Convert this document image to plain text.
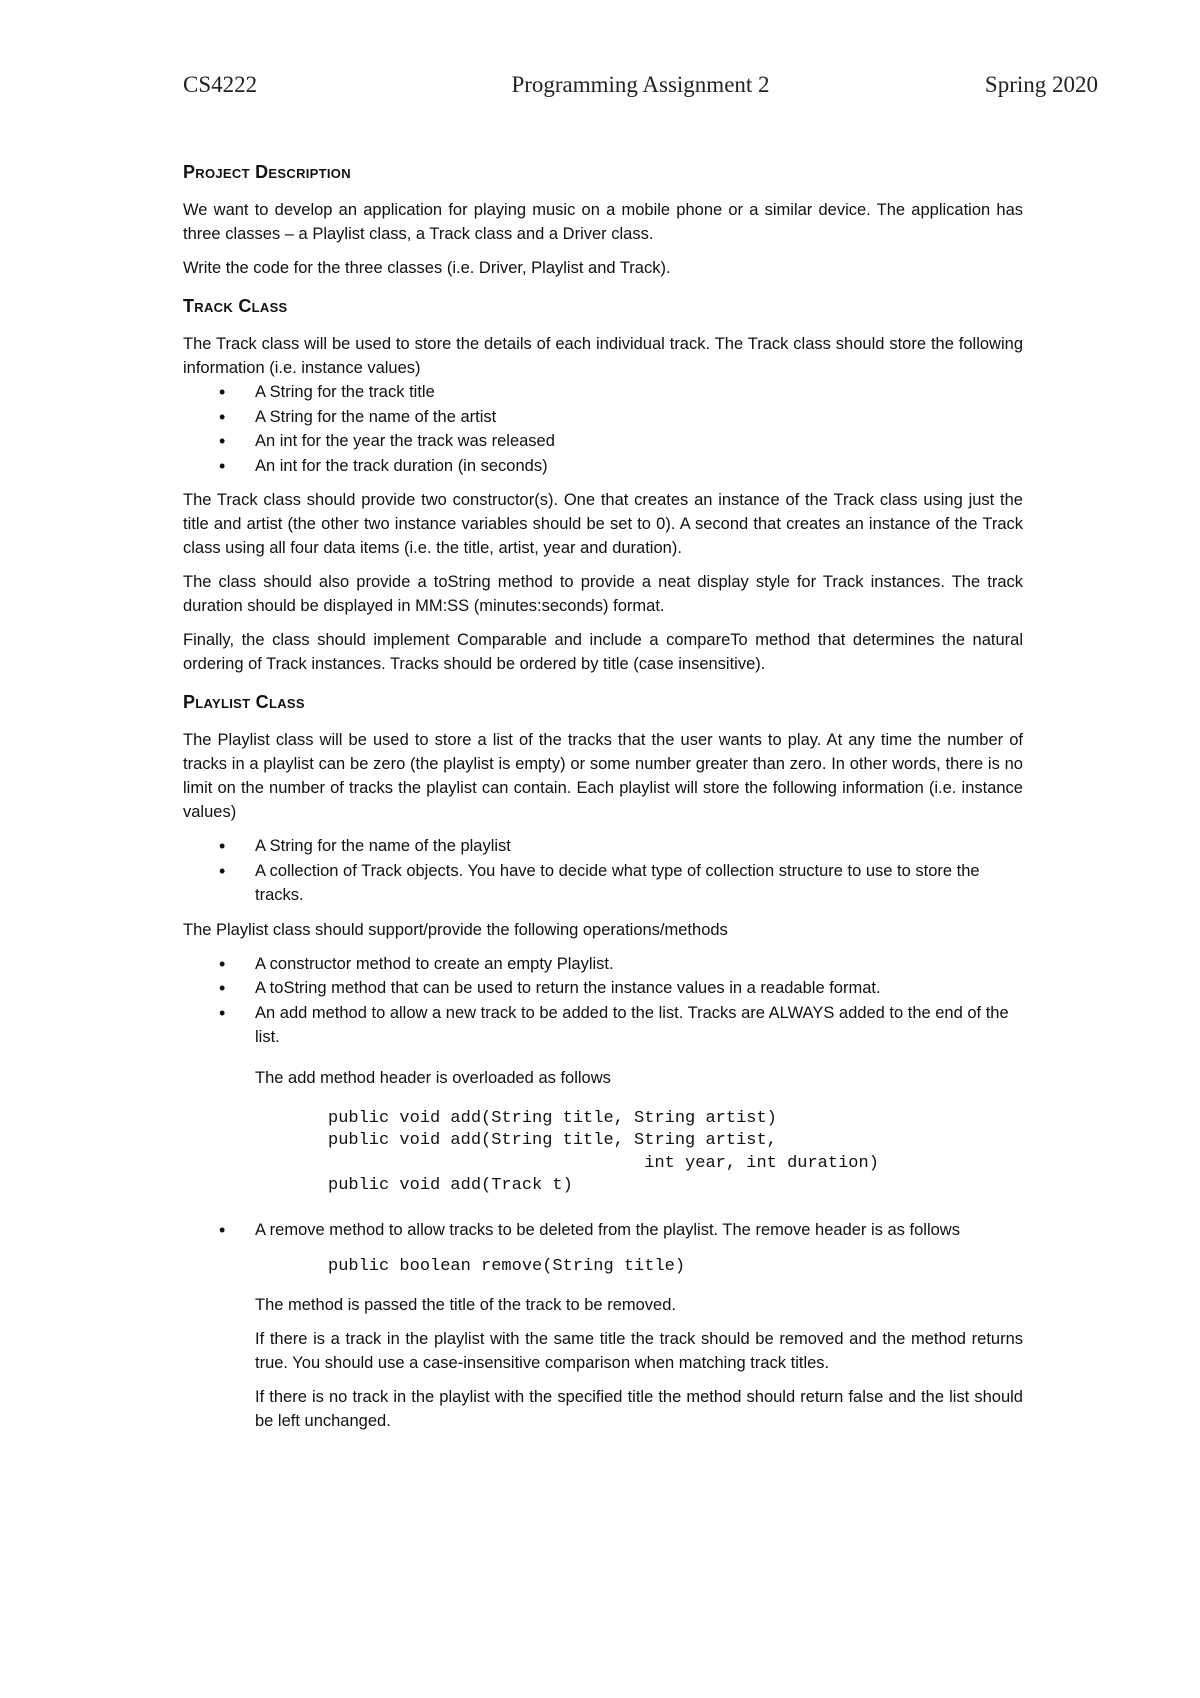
CS4222	Programming Assignment 2	Spring 2020
Project Description

We want to develop an application for playing music on a mobile phone or a similar device. The application has three classes – a Playlist class, a Track class and a Driver class.

Write the code for the three classes (i.e. Driver, Playlist and Track).

Track Class

The Track class will be used to store the details of each individual track. The Track class should store the following information (i.e. instance values)

• A String for the track title
• A String for the name of the artist
• An int for the year the track was released
• An int for the track duration (in seconds)

The Track class should provide two constructor(s). One that creates an instance of the Track class using just the title and artist (the other two instance variables should be set to 0). A second that creates an instance of the Track class using all four data items (i.e. the title, artist, year and duration).

The class should also provide a toString method to provide a neat display style for Track instances. The track duration should be displayed in MM:SS (minutes:seconds) format.

Finally, the class should implement Comparable and include a compareTo method that determines the natural ordering of Track instances. Tracks should be ordered by title (case insensitive).

Playlist Class

The Playlist class will be used to store a list of the tracks that the user wants to play. At any time the number of tracks in a playlist can be zero (the playlist is empty) or some number greater than zero. In other words, there is no limit on the number of tracks the playlist can contain. Each playlist will store the following information (i.e. instance values)

• A String for the name of the playlist
• A collection of Track objects. You have to decide what type of collection structure to use to store the tracks.

The Playlist class should support/provide the following operations/methods

• A constructor method to create an empty Playlist.
• A toString method that can be used to return the instance values in a readable format.
• An add method to allow a new track to be added to the list. Tracks are ALWAYS added to the end of the list.

The add method header is overloaded as follows

public void add(String title, String artist)
public void add(String title, String artist,
int year, int duration)
public void add(Track t)
• A remove method to allow tracks to be deleted from the playlist. The remove header is as follows
public boolean remove(String title)

The method is passed the title of the track to be removed.

If there is a track in the playlist with the same title the track should be removed and the method returns true. You should use a case-insensitive comparison when matching track titles.

If there is no track in the playlist with the specified title the method should return false and the list should be left unchanged.
